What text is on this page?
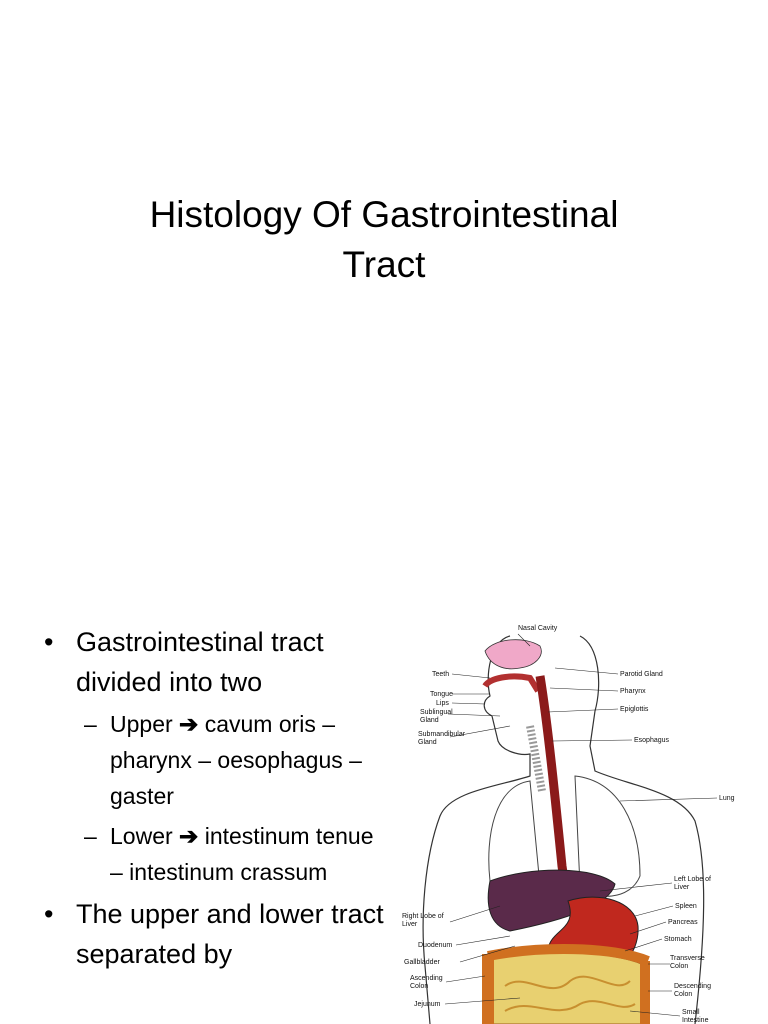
Histology Of Gastrointestinal
Tract
• Gastrointestinal tract divided into two
– Upper ➔ cavum oris – pharynx – oesophagus – gaster
– Lower ➔ intestinum tenue – intestinum crassum
• The upper and lower tract separated by
Nasal Cavity
Teeth
Tongue
Lips
Sublingual
Gland
Submandibular
Gland
Parotid Gland
Pharynx
Epiglottis
Esophagus
Lung
Left Lobe of
Liver
Right Lobe of
Liver
Spleen
Pancreas
Stomach
Duodenum
Gallbladder
Ascending
Colon
Transverse
Colon
Jejunum
Descending
Colon
Small
Intestine
